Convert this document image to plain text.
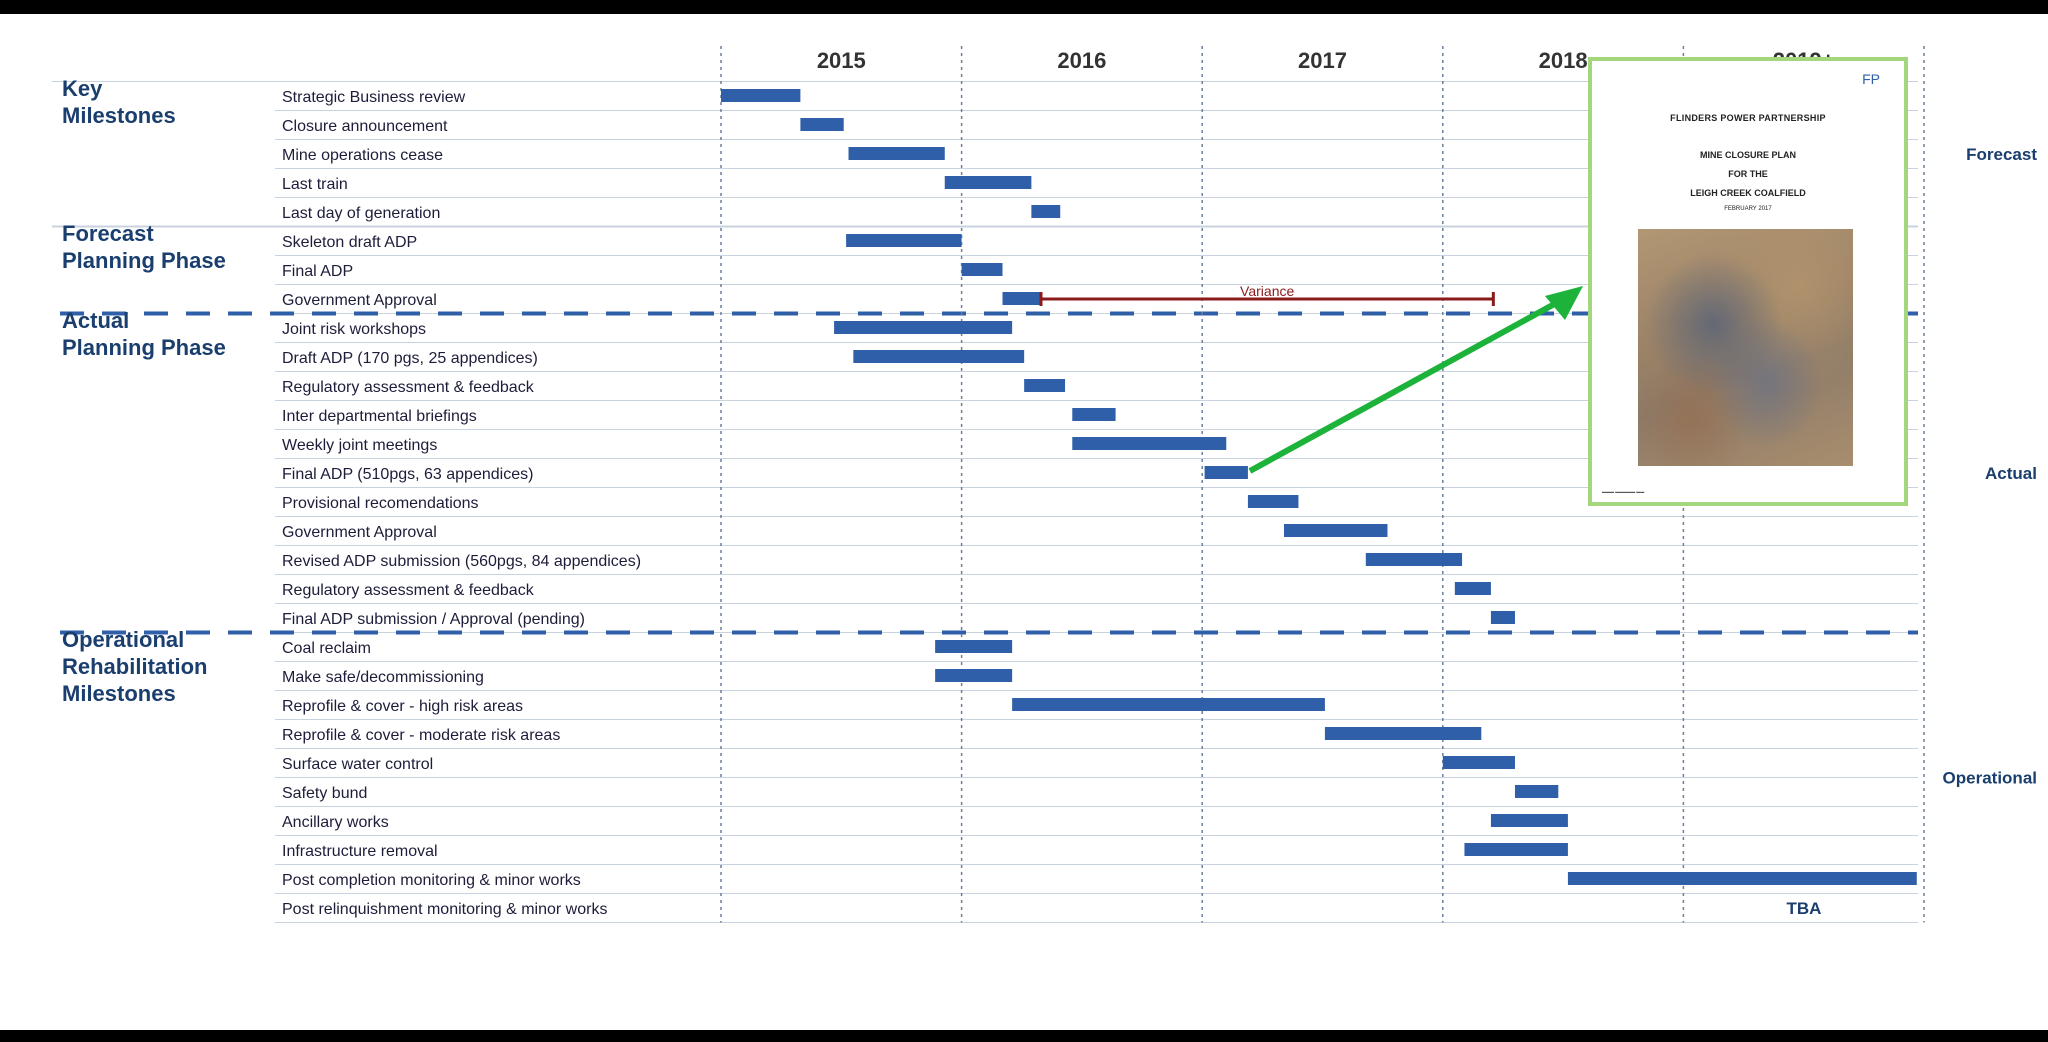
2015	2016	2017	2018
Key
Milestones
Forecast
Planning Phase
Actual
Planning Phase
Operational
Rehabilitation
Milestones
Forecast
Actual
Operational
Strategic Business review
Closure announcement
Mine operations cease
Last train
Last day of generation
Skeleton draft ADP
Final ADP
Government Approval
Joint risk workshops
Draft ADP (170 pgs, 25 appendices)
Regulatory assessment & feedback
Inter departmental briefings
Weekly joint meetings
Final ADP (510pgs, 63 appendices)
Provisional recomendations
Government Approval
Revised ADP submission (560pgs, 84 appendices)
Regulatory assessment & feedback
Final ADP submission / Approval (pending)
Coal reclaim
Make safe/decommissioning
Reprofile & cover - high risk areas
Reprofile & cover - moderate risk areas
Surface water control
Safety bund
Ancillary works
Infrastructure removal
Post completion monitoring & minor works
Post relinquishment monitoring & minor works	TBA
Variance
FP
FLINDERS POWER PARTNERSHIP
MINE CLOSURE PLAN
FOR THE
LEIGH CREEK COALFIELD
FEBRUARY 2017
▬▬▬ ▬▬▬▬▬ ▬▬
